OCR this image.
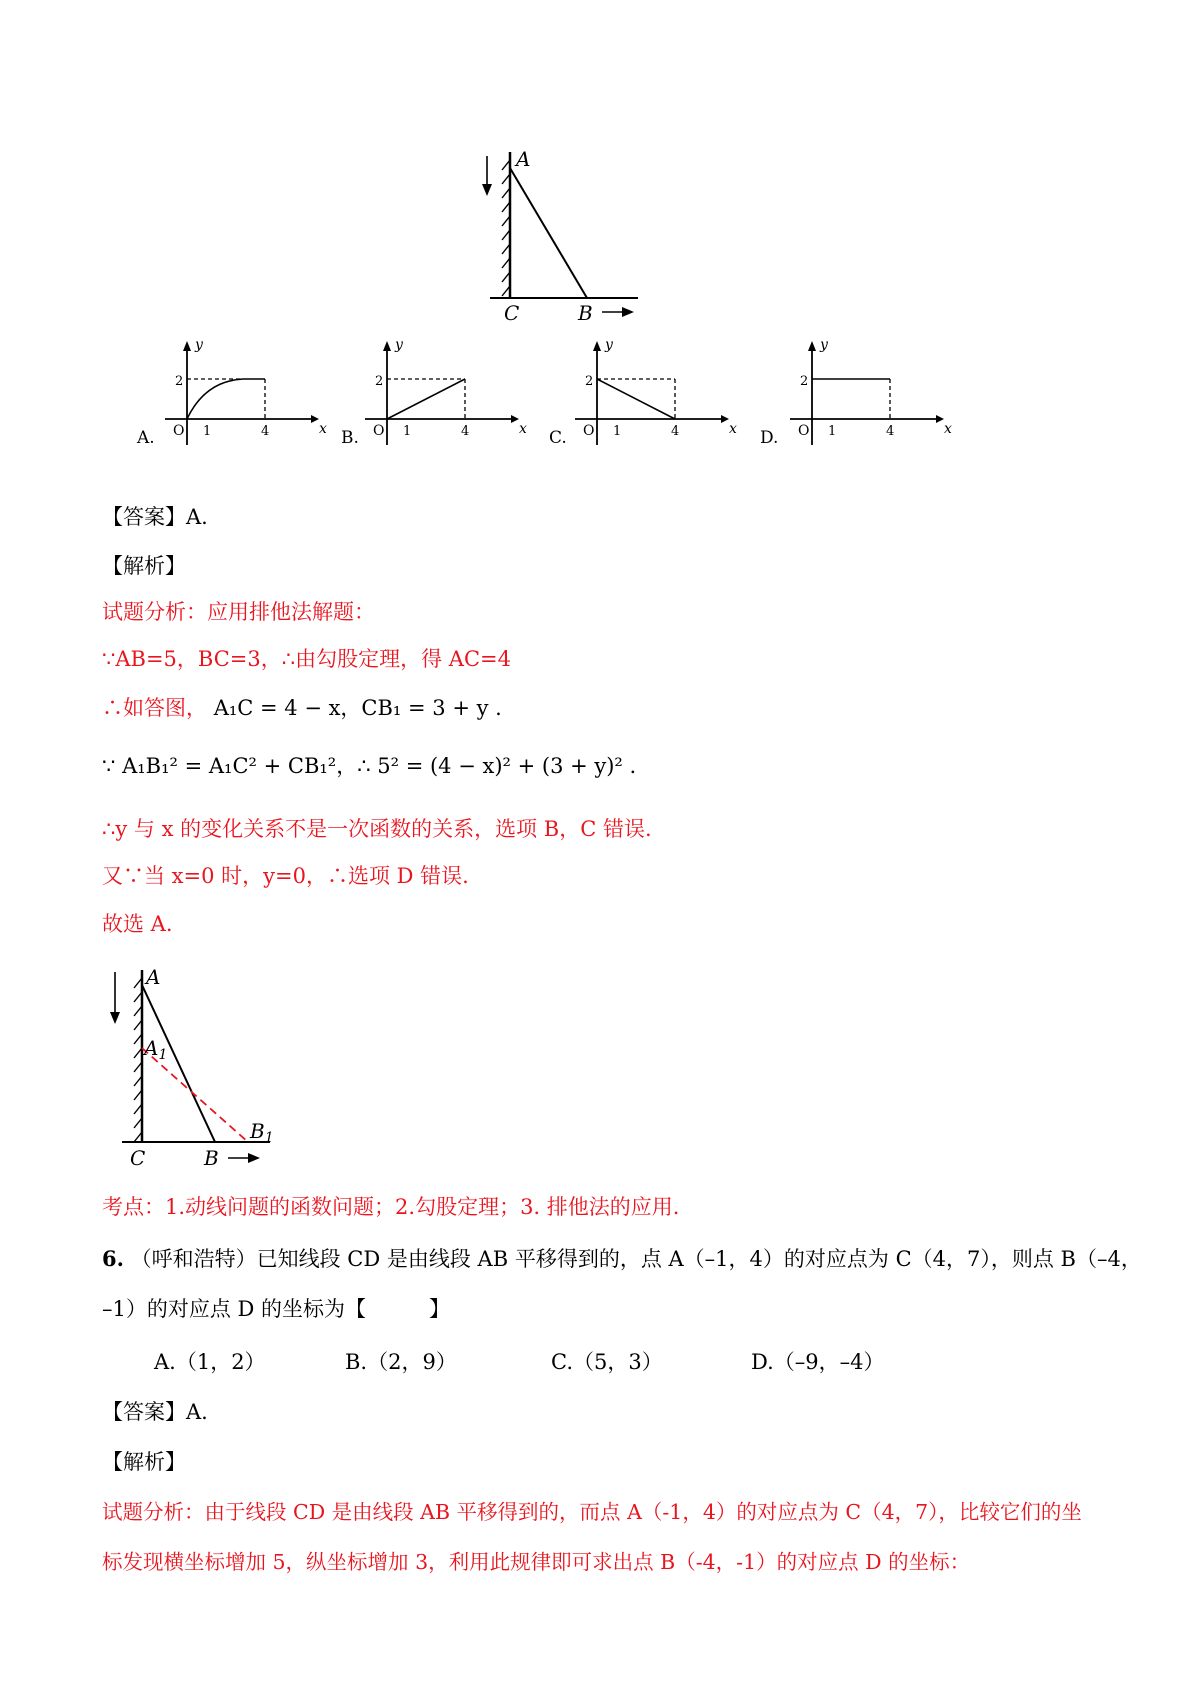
A
C	B
y
x
2
1	4
O
A.
y
x
2
1	4
O
B.
y
x
2
1	4
O
C.
y
x
2
1	4
O
D.
【答案】A.
【解析】
试题分析：应用排他法解题：
∵AB=5，BC=3，∴由勾股定理，得 AC=4
∴如答图， A₁C = 4 − x，CB₁ = 3 + y .
∵ A₁B₁² = A₁C² + CB₁²，∴ 5² = (4 − x)² + (3 + y)² .
∴y 与 x 的变化关系不是一次函数的关系，选项 B，C 错误.
又∵当 x=0 时，y=0，∴选项 D 错误.
故选 A.
A
$A_1$
C	B
$B_1$
考点：1.动线问题的函数问题；2.勾股定理；3. 排他法的应用.
6. （呼和浩特）已知线段 CD 是由线段 AB 平移得到的，点 A（–1，4）的对应点为 C（4，7），则点 B（–4，
–1）的对应点 D 的坐标为【　　　】
A.（1，2）	B.（2，9）	C.（5，3）	D.（–9，–4）
【答案】A.
【解析】
试题分析：由于线段 CD 是由线段 AB 平移得到的，而点 A（-1，4）的对应点为 C（4，7），比较它们的坐
标发现横坐标增加 5，纵坐标增加 3，利用此规律即可求出点 B（-4，-1）的对应点 D 的坐标：
